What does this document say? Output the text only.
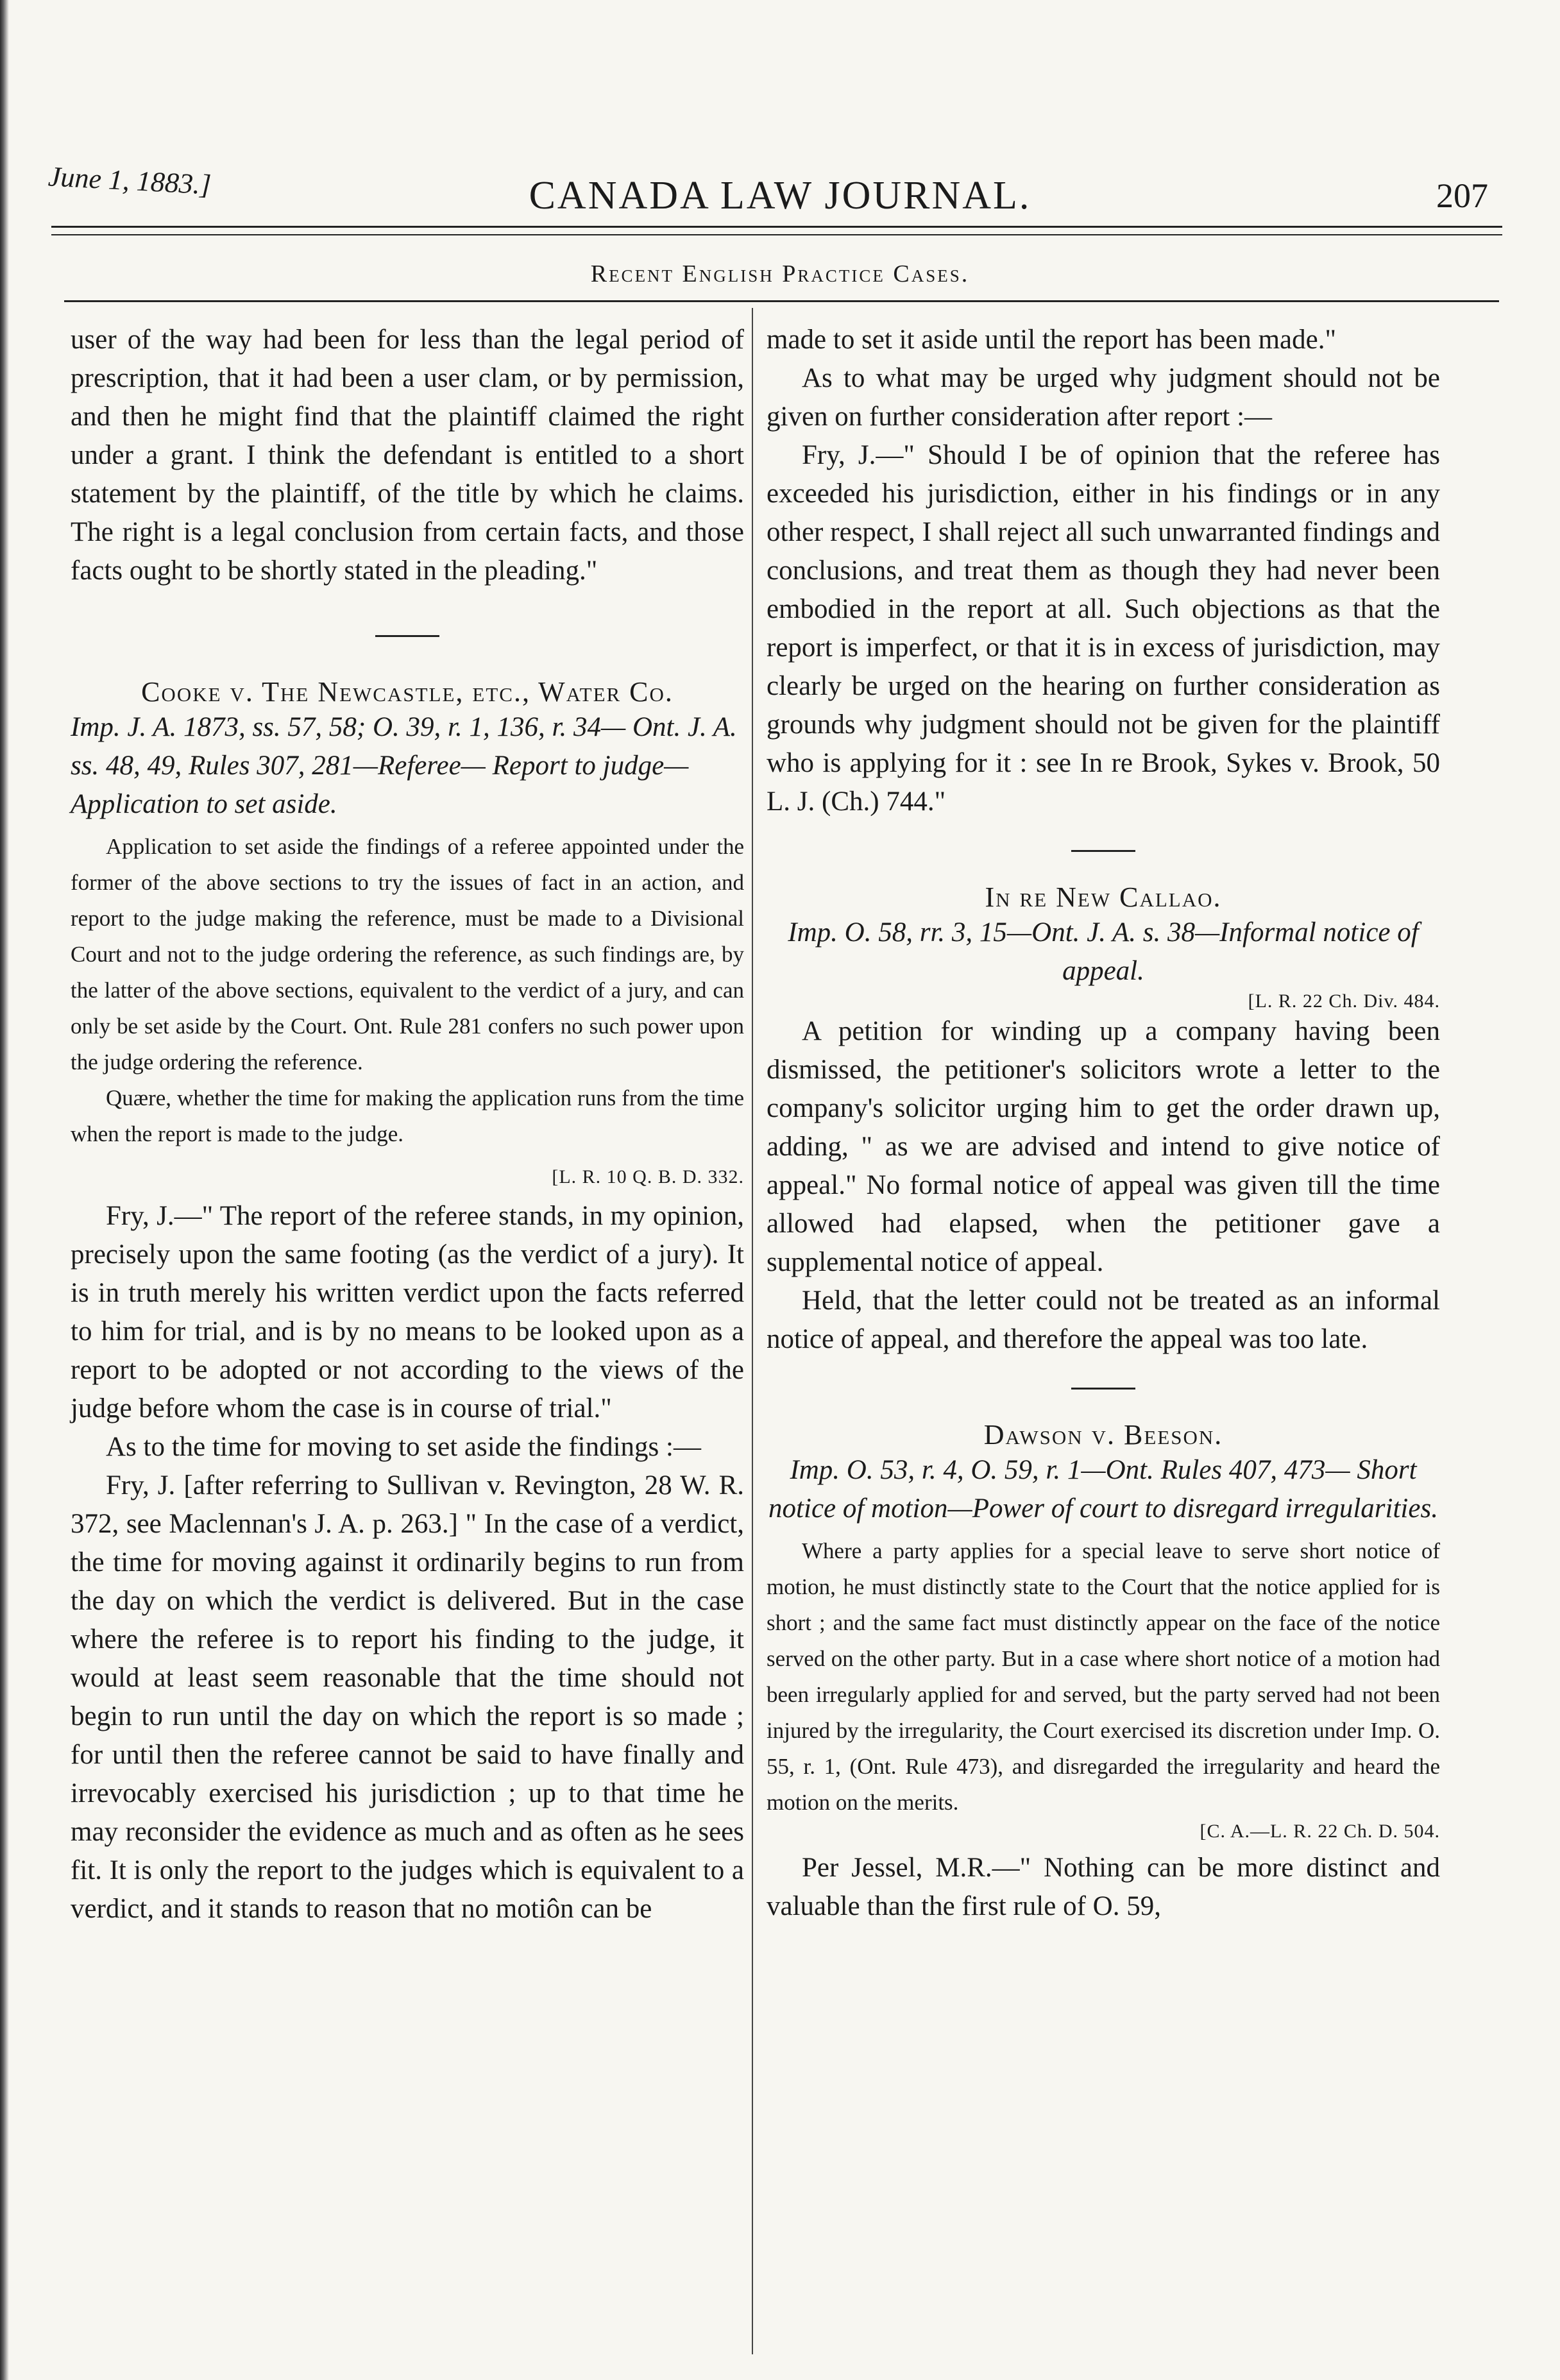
June 1, 1883.]	CANADA LAW JOURNAL.	207
Recent English Practice Cases.

user of the way had been for less than the legal period of prescription, that it had been a user clam, or by permission, and then he might find that the plaintiff claimed the right under a grant. I think the defendant is entitled to a short statement by the plaintiff, of the title by which he claims. The right is a legal conclusion from certain facts, and those facts ought to be shortly stated in the pleading."

Cooke v. The Newcastle, etc., Water Co.

Imp. J. A. 1873, ss. 57, 58; O. 39, r. 1, 136, r. 34— Ont. J. A. ss. 48, 49, Rules 307, 281—Referee— Report to judge—Application to set aside.

Application to set aside the findings of a referee appointed under the former of the above sections to try the issues of fact in an action, and report to the judge making the reference, must be made to a Divisional Court and not to the judge ordering the reference, as such findings are, by the latter of the above sections, equivalent to the verdict of a jury, and can only be set aside by the Court. Ont. Rule 281 confers no such power upon the judge ordering the reference.

Quære, whether the time for making the application runs from the time when the report is made to the judge.

[L. R. 10 Q. B. D. 332.

Fry, J.—" The report of the referee stands, in my opinion, precisely upon the same footing (as the verdict of a jury). It is in truth merely his written verdict upon the facts referred to him for trial, and is by no means to be looked upon as a report to be adopted or not according to the views of the judge before whom the case is in course of trial."

As to the time for moving to set aside the findings :—

Fry, J. [after referring to Sullivan v. Revington, 28 W. R. 372, see Maclennan's J. A. p. 263.] " In the case of a verdict, the time for moving against it ordinarily begins to run from the day on which the verdict is delivered. But in the case where the referee is to report his finding to the judge, it would at least seem reasonable that the time should not begin to run until the day on which the report is so made ; for until then the referee cannot be said to have finally and irrevocably exercised his jurisdiction ; up to that time he may reconsider the evidence as much and as often as he sees fit. It is only the report to the judges which is equivalent to a verdict, and it stands to reason that no motiôn can be

made to set it aside until the report has been made."

As to what may be urged why judgment should not be given on further consideration after report :—

Fry, J.—" Should I be of opinion that the referee has exceeded his jurisdiction, either in his findings or in any other respect, I shall reject all such unwarranted findings and conclusions, and treat them as though they had never been embodied in the report at all. Such objections as that the report is imperfect, or that it is in excess of jurisdiction, may clearly be urged on the hearing on further consideration as grounds why judgment should not be given for the plaintiff who is applying for it : see In re Brook, Sykes v. Brook, 50 L. J. (Ch.) 744."

In re New Callao.

Imp. O. 58, rr. 3, 15—Ont. J. A. s. 38—Informal notice of appeal.

[L. R. 22 Ch. Div. 484.

A petition for winding up a company having been dismissed, the petitioner's solicitors wrote a letter to the company's solicitor urging him to get the order drawn up, adding, " as we are advised and intend to give notice of appeal." No formal notice of appeal was given till the time allowed had elapsed, when the petitioner gave a supplemental notice of appeal.

Held, that the letter could not be treated as an informal notice of appeal, and therefore the appeal was too late.

Dawson v. Beeson.

Imp. O. 53, r. 4, O. 59, r. 1—Ont. Rules 407, 473— Short notice of motion—Power of court to disregard irregularities.

Where a party applies for a special leave to serve short notice of motion, he must distinctly state to the Court that the notice applied for is short ; and the same fact must distinctly appear on the face of the notice served on the other party. But in a case where short notice of a motion had been irregularly applied for and served, but the party served had not been injured by the irregularity, the Court exercised its discretion under Imp. O. 55, r. 1, (Ont. Rule 473), and disregarded the irregularity and heard the motion on the merits.

[C. A.—L. R. 22 Ch. D. 504.

Per Jessel, M.R.—" Nothing can be more distinct and valuable than the first rule of O. 59,
